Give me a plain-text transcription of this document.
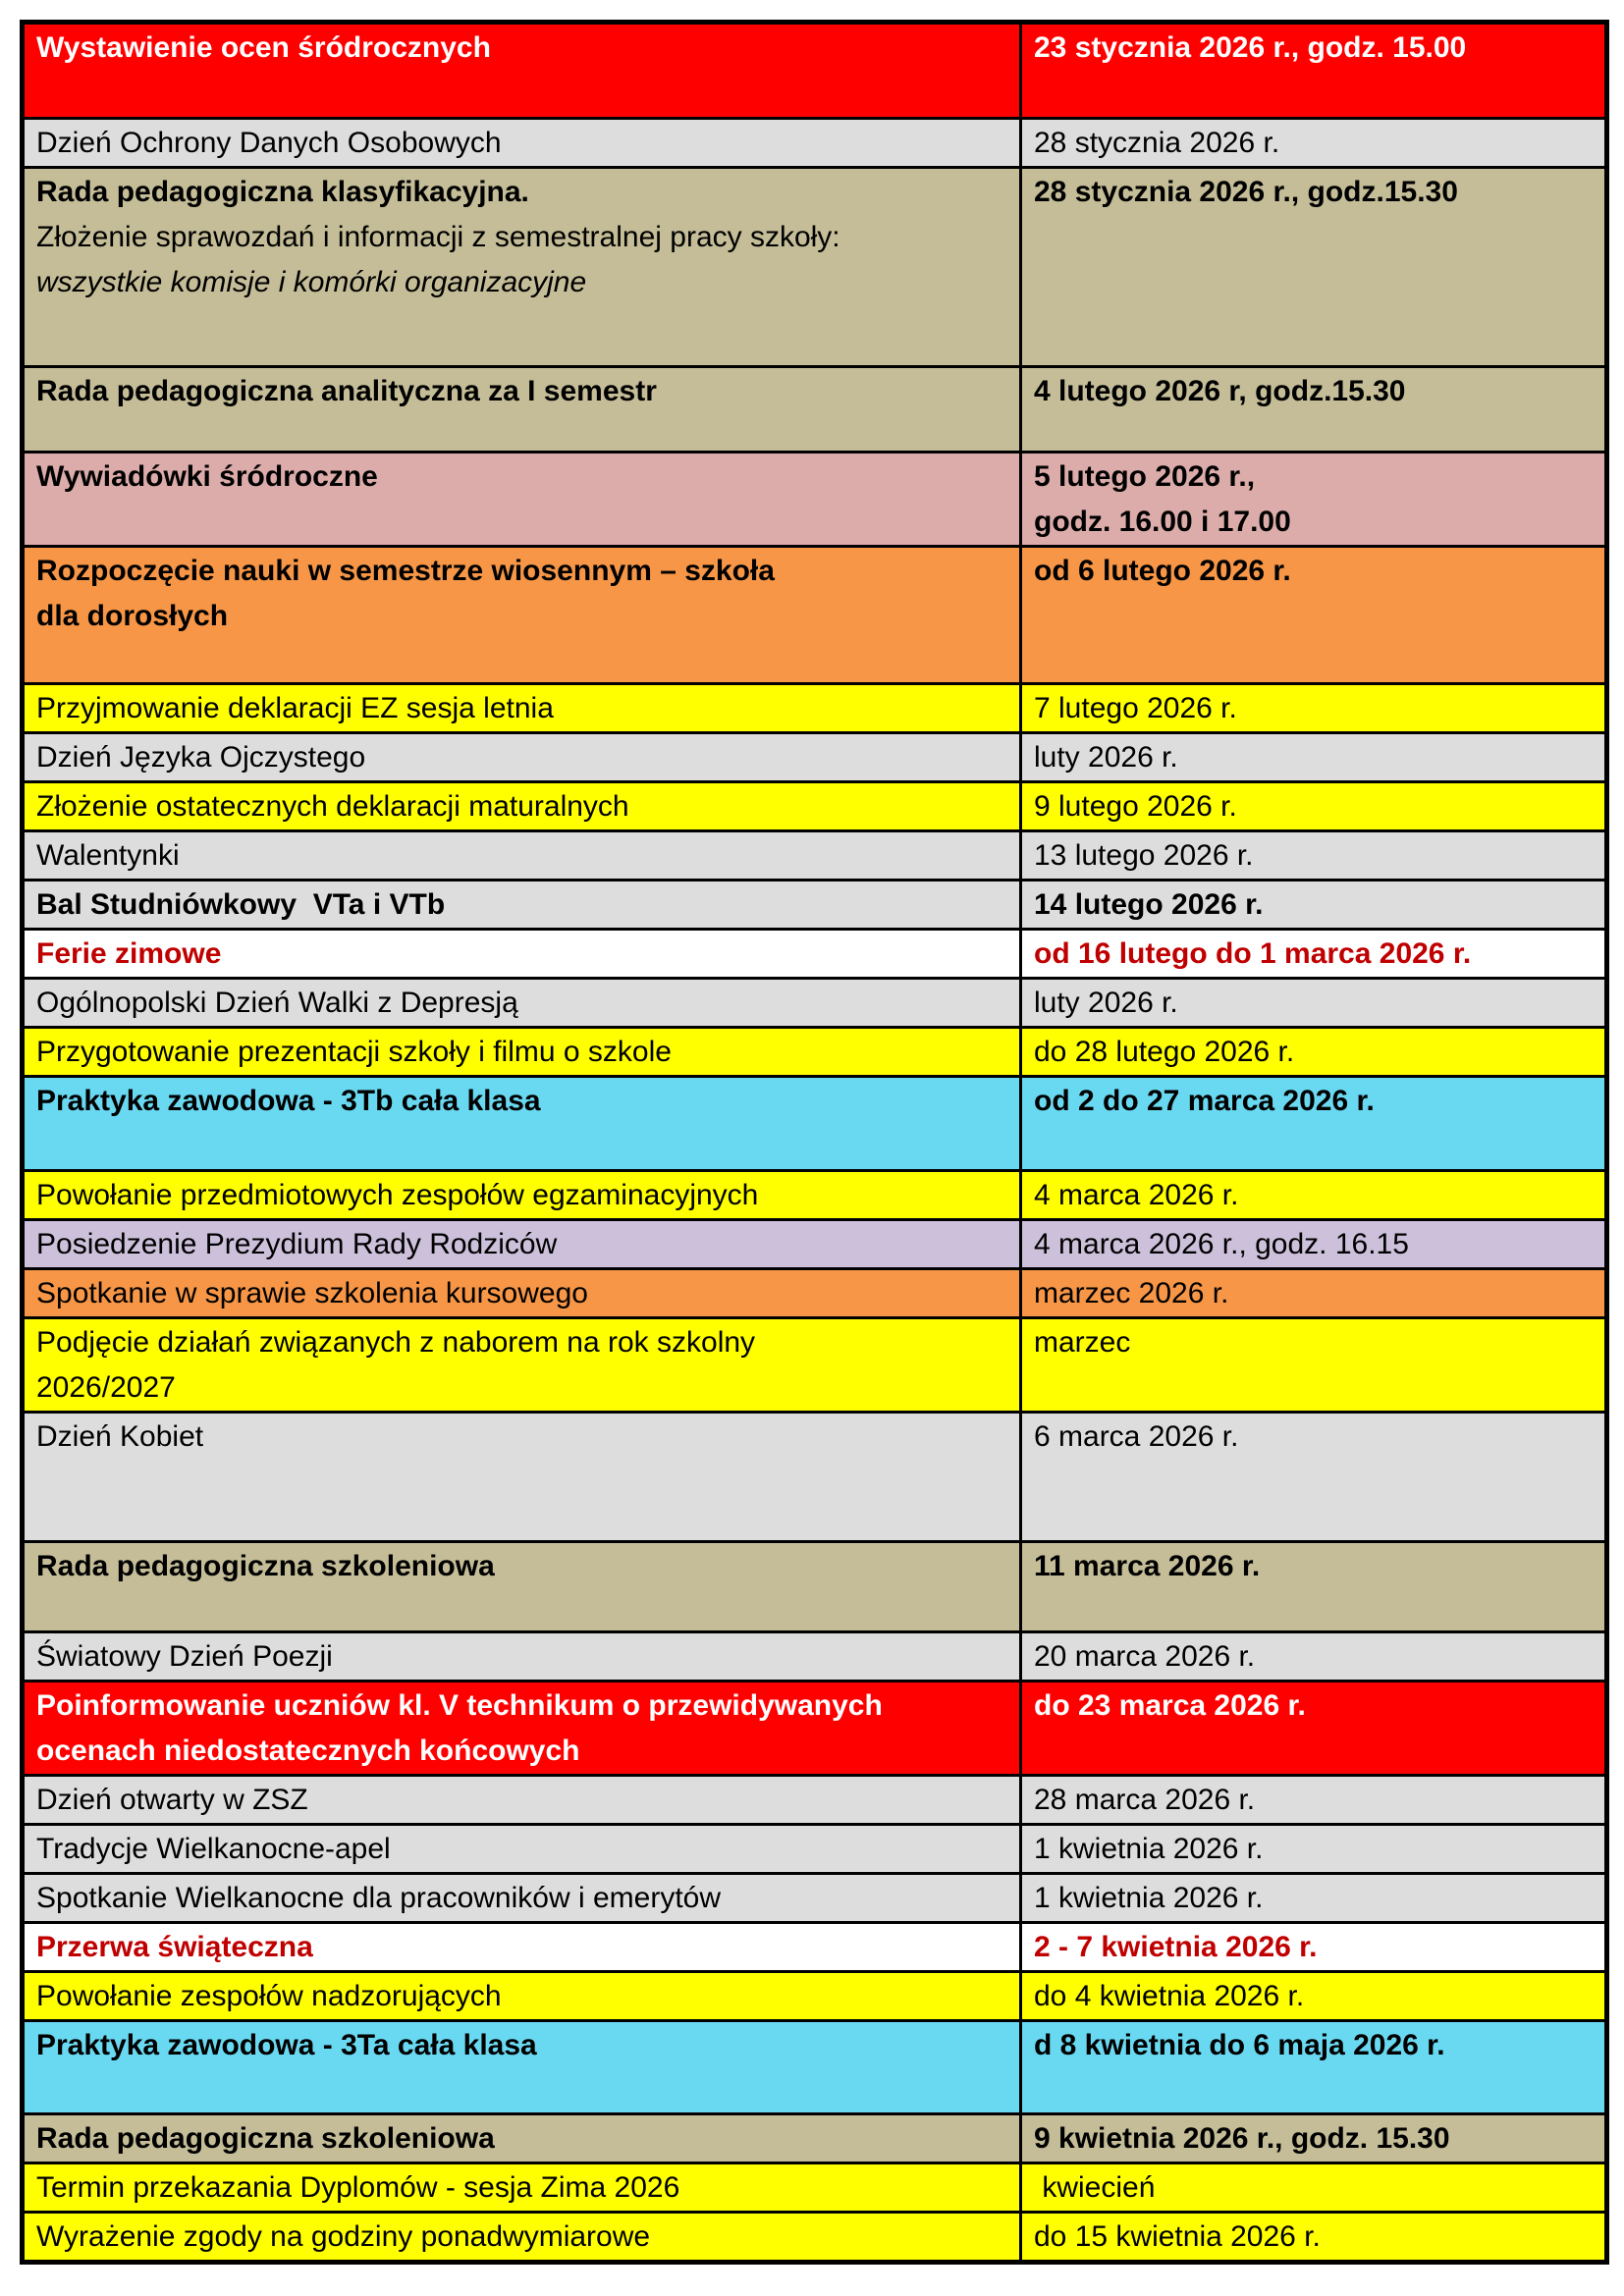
Wystawienie ocen śródrocznych	23 stycznia 2026 r., godz. 15.00

Dzień Ochrony Danych Osobowych	28 stycznia 2026 r.

Rada pedagogiczna klasyfikacyjna.
Złożenie sprawozdań i informacji z semestralnej pracy szkoły:
wszystkie komisje i komórki organizacyjne	28 stycznia 2026 r., godz.15.30

Rada pedagogiczna analityczna za I semestr	4 lutego 2026 r, godz.15.30

Wywiadówki śródroczne	5 lutego 2026 r.,
godz. 16.00 i 17.00

Rozpoczęcie nauki w semestrze wiosennym – szkoła
dla dorosłych	od 6 lutego 2026 r.

Przyjmowanie deklaracji EZ sesja letnia	7 lutego 2026 r.

Dzień Języka Ojczystego	luty 2026 r.

Złożenie ostatecznych deklaracji maturalnych	9 lutego 2026 r.

Walentynki	13 lutego 2026 r.

Bal Studniówkowy  VTa i VTb	14 lutego 2026 r.

Ferie zimowe	od 16 lutego do 1 marca 2026 r.

Ogólnopolski Dzień Walki z Depresją	luty 2026 r.

Przygotowanie prezentacji szkoły i filmu o szkole	do 28 lutego 2026 r.

Praktyka zawodowa - 3Tb cała klasa	od 2 do 27 marca 2026 r.

Powołanie przedmiotowych zespołów egzaminacyjnych	4 marca 2026 r.

Posiedzenie Prezydium Rady Rodziców	4 marca 2026 r., godz. 16.15

Spotkanie w sprawie szkolenia kursowego	marzec 2026 r.

Podjęcie działań związanych z naborem na rok szkolny
2026/2027	marzec

Dzień Kobiet	6 marca 2026 r.

Rada pedagogiczna szkoleniowa	11 marca 2026 r.

Światowy Dzień Poezji	20 marca 2026 r.

Poinformowanie uczniów kl. V technikum o przewidywanych
ocenach niedostatecznych końcowych	do 23 marca 2026 r.

Dzień otwarty w ZSZ	28 marca 2026 r.

Tradycje Wielkanocne-apel	1 kwietnia 2026 r.

Spotkanie Wielkanocne dla pracowników i emerytów	1 kwietnia 2026 r.

Przerwa świąteczna	2 - 7 kwietnia 2026 r.

Powołanie zespołów nadzorujących	do 4 kwietnia 2026 r.

Praktyka zawodowa - 3Ta cała klasa	d 8 kwietnia do 6 maja 2026 r.

Rada pedagogiczna szkoleniowa	9 kwietnia 2026 r., godz. 15.30

Termin przekazania Dyplomów - sesja Zima 2026	kwiecień

Wyrażenie zgody na godziny ponadwymiarowe	do 15 kwietnia 2026 r.
